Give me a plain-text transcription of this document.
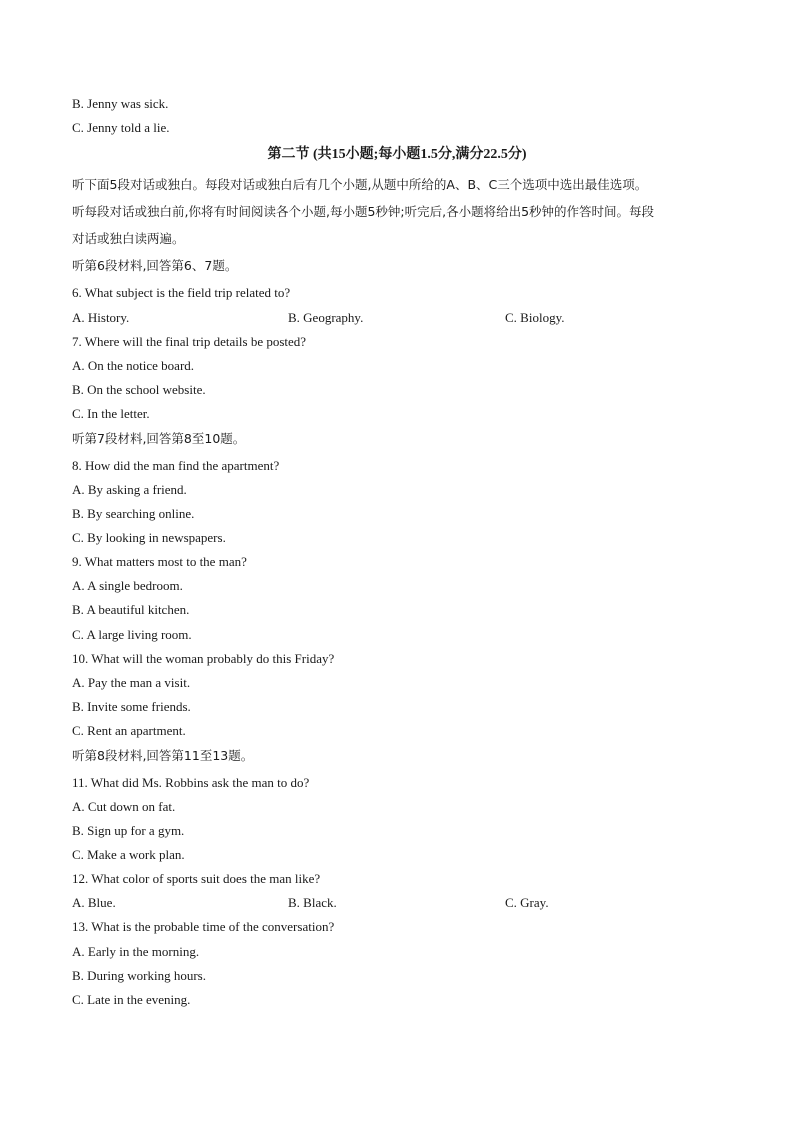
B. Jenny was sick.
C. Jenny told a lie.
第二节 (共15小题;每小题1.5分,满分22.5分)
听下面5段对话或独白。每段对话或独白后有几个小题,从题中所给的A、B、C三个选项中选出最佳选项。
听每段对话或独白前,你将有时间阅读各个小题,每小题5秒钟;听完后,各小题将给出5秒钟的作答时间。每段
对话或独白读两遍。
听第6段材料,回答第6、7题。
6. What subject is the field trip related to?
A. History.	B. Geography.	C. Biology.
7. Where will the final trip details be posted?
A. On the notice board.
B. On the school website.
C. In the letter.
听第7段材料,回答第8至10题。
8. How did the man find the apartment?
A. By asking a friend.
B. By searching online.
C. By looking in newspapers.
9. What matters most to the man?
A. A single bedroom.
B. A beautiful kitchen.
C. A large living room.
10. What will the woman probably do this Friday?
A. Pay the man a visit.
B. Invite some friends.
C. Rent an apartment.
听第8段材料,回答第11至13题。
11. What did Ms. Robbins ask the man to do?
A. Cut down on fat.
B. Sign up for a gym.
C. Make a work plan.
12. What color of sports suit does the man like?
A. Blue.	B. Black.	C. Gray.
13. What is the probable time of the conversation?
A. Early in the morning.
B. During working hours.
C. Late in the evening.
